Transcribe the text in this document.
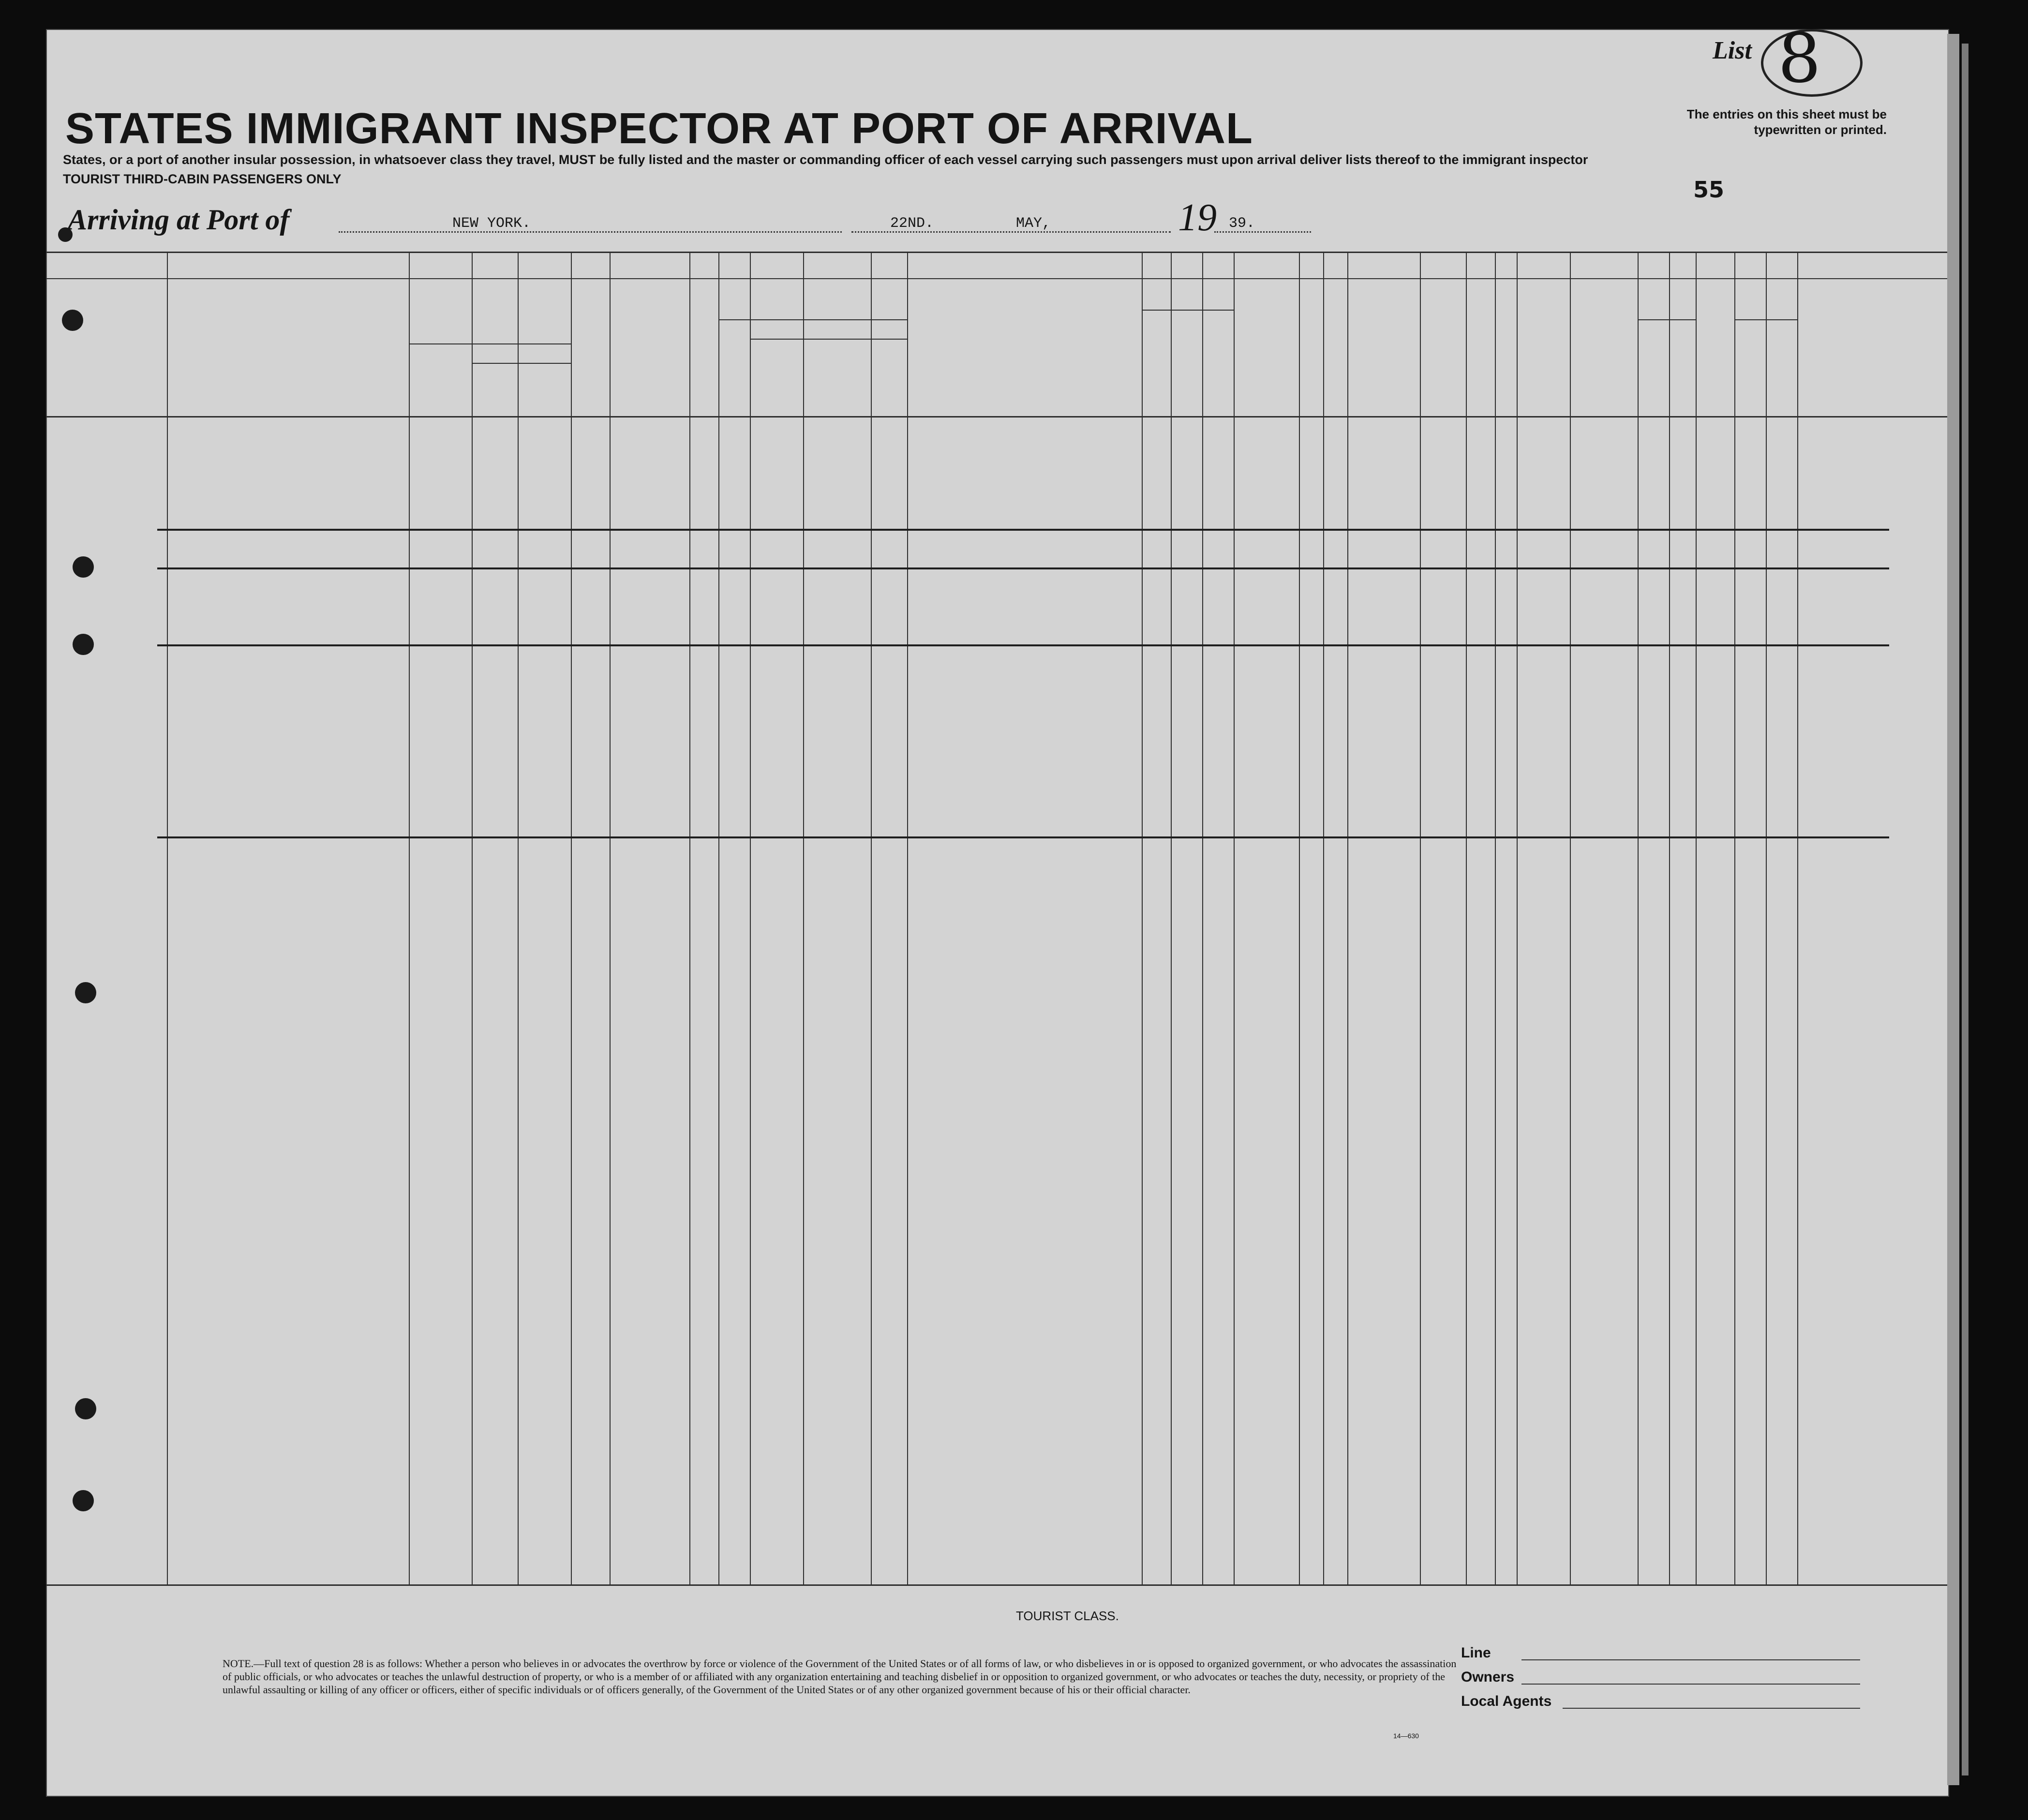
List 8
The entries on this sheet must be typewritten or printed.
55
STATES IMMIGRANT INSPECTOR AT PORT OF ARRIVAL
States, or a port of another insular possession, in whatsoever class they travel, MUST be fully listed and the master or commanding officer of each vessel carrying such passengers must upon arrival deliver lists thereof to the immigrant inspector
TOURIST THIRD-CABIN PASSENGERS ONLY
Arriving at Port of	NEW YORK.	22ND.	MAY,	19 39.
TOURIST CLASS.
NOTE.—Full text of question 28 is as follows: Whether a person who believes in or advocates the overthrow by force or violence of the Government of the United States or of all forms of law, or who disbelieves in or is opposed to organized government, or who advocates the assassination of public officials, or who advocates or teaches the unlawful destruction of property, or who is a member of or affiliated with any organization entertaining and teaching disbelief in or opposition to organized government, or who advocates or teaches the duty, necessity, or propriety of the unlawful assaulting or killing of any officer or officers, either of specific individuals or of officers generally, of the Government of the United States or of any other organized government because of his or their official character.
14—630
Line
Owners
Local Agents
